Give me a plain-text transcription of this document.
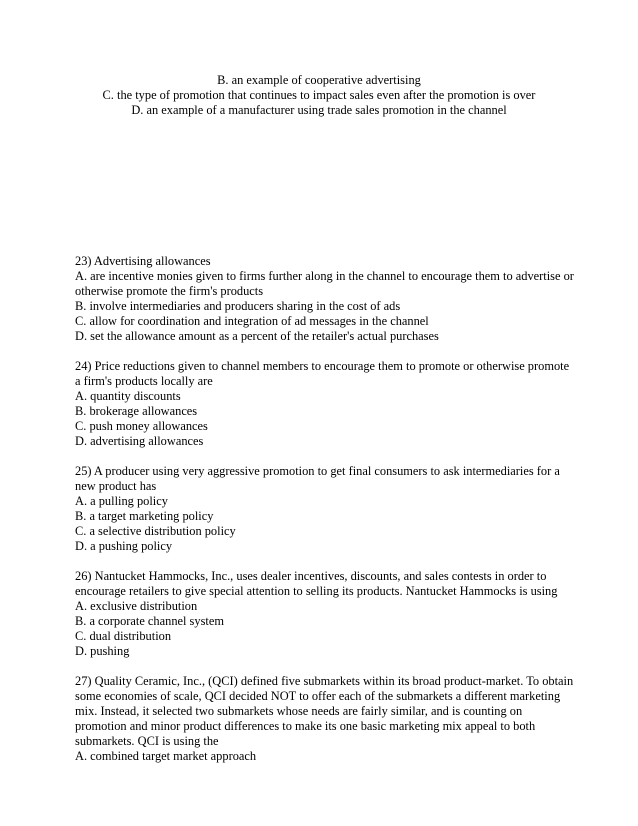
B. an example of cooperative advertising
C. the type of promotion that continues to impact sales even after the promotion is over
D. an example of a manufacturer using trade sales promotion in the channel
23) Advertising allowances
A. are incentive monies given to firms further along in the channel to encourage them to advertise or otherwise promote the firm's products
B. involve intermediaries and producers sharing in the cost of ads
C. allow for coordination and integration of ad messages in the channel
D. set the allowance amount as a percent of the retailer's actual purchases
24) Price reductions given to channel members to encourage them to promote or otherwise promote a firm's products locally are
A. quantity discounts
B. brokerage allowances
C. push money allowances
D. advertising allowances
25) A producer using very aggressive promotion to get final consumers to ask intermediaries for a new product has
A. a pulling policy
B. a target marketing policy
C. a selective distribution policy
D. a pushing policy
26) Nantucket Hammocks, Inc., uses dealer incentives, discounts, and sales contests in order to encourage retailers to give special attention to selling its products. Nantucket Hammocks is using
A. exclusive distribution
B. a corporate channel system
C. dual distribution
D. pushing
27) Quality Ceramic, Inc., (QCI) defined five submarkets within its broad product-market. To obtain some economies of scale, QCI decided NOT to offer each of the submarkets a different marketing mix. Instead, it selected two submarkets whose needs are fairly similar, and is counting on promotion and minor product differences to make its one basic marketing mix appeal to both submarkets. QCI is using the
A. combined target market approach
